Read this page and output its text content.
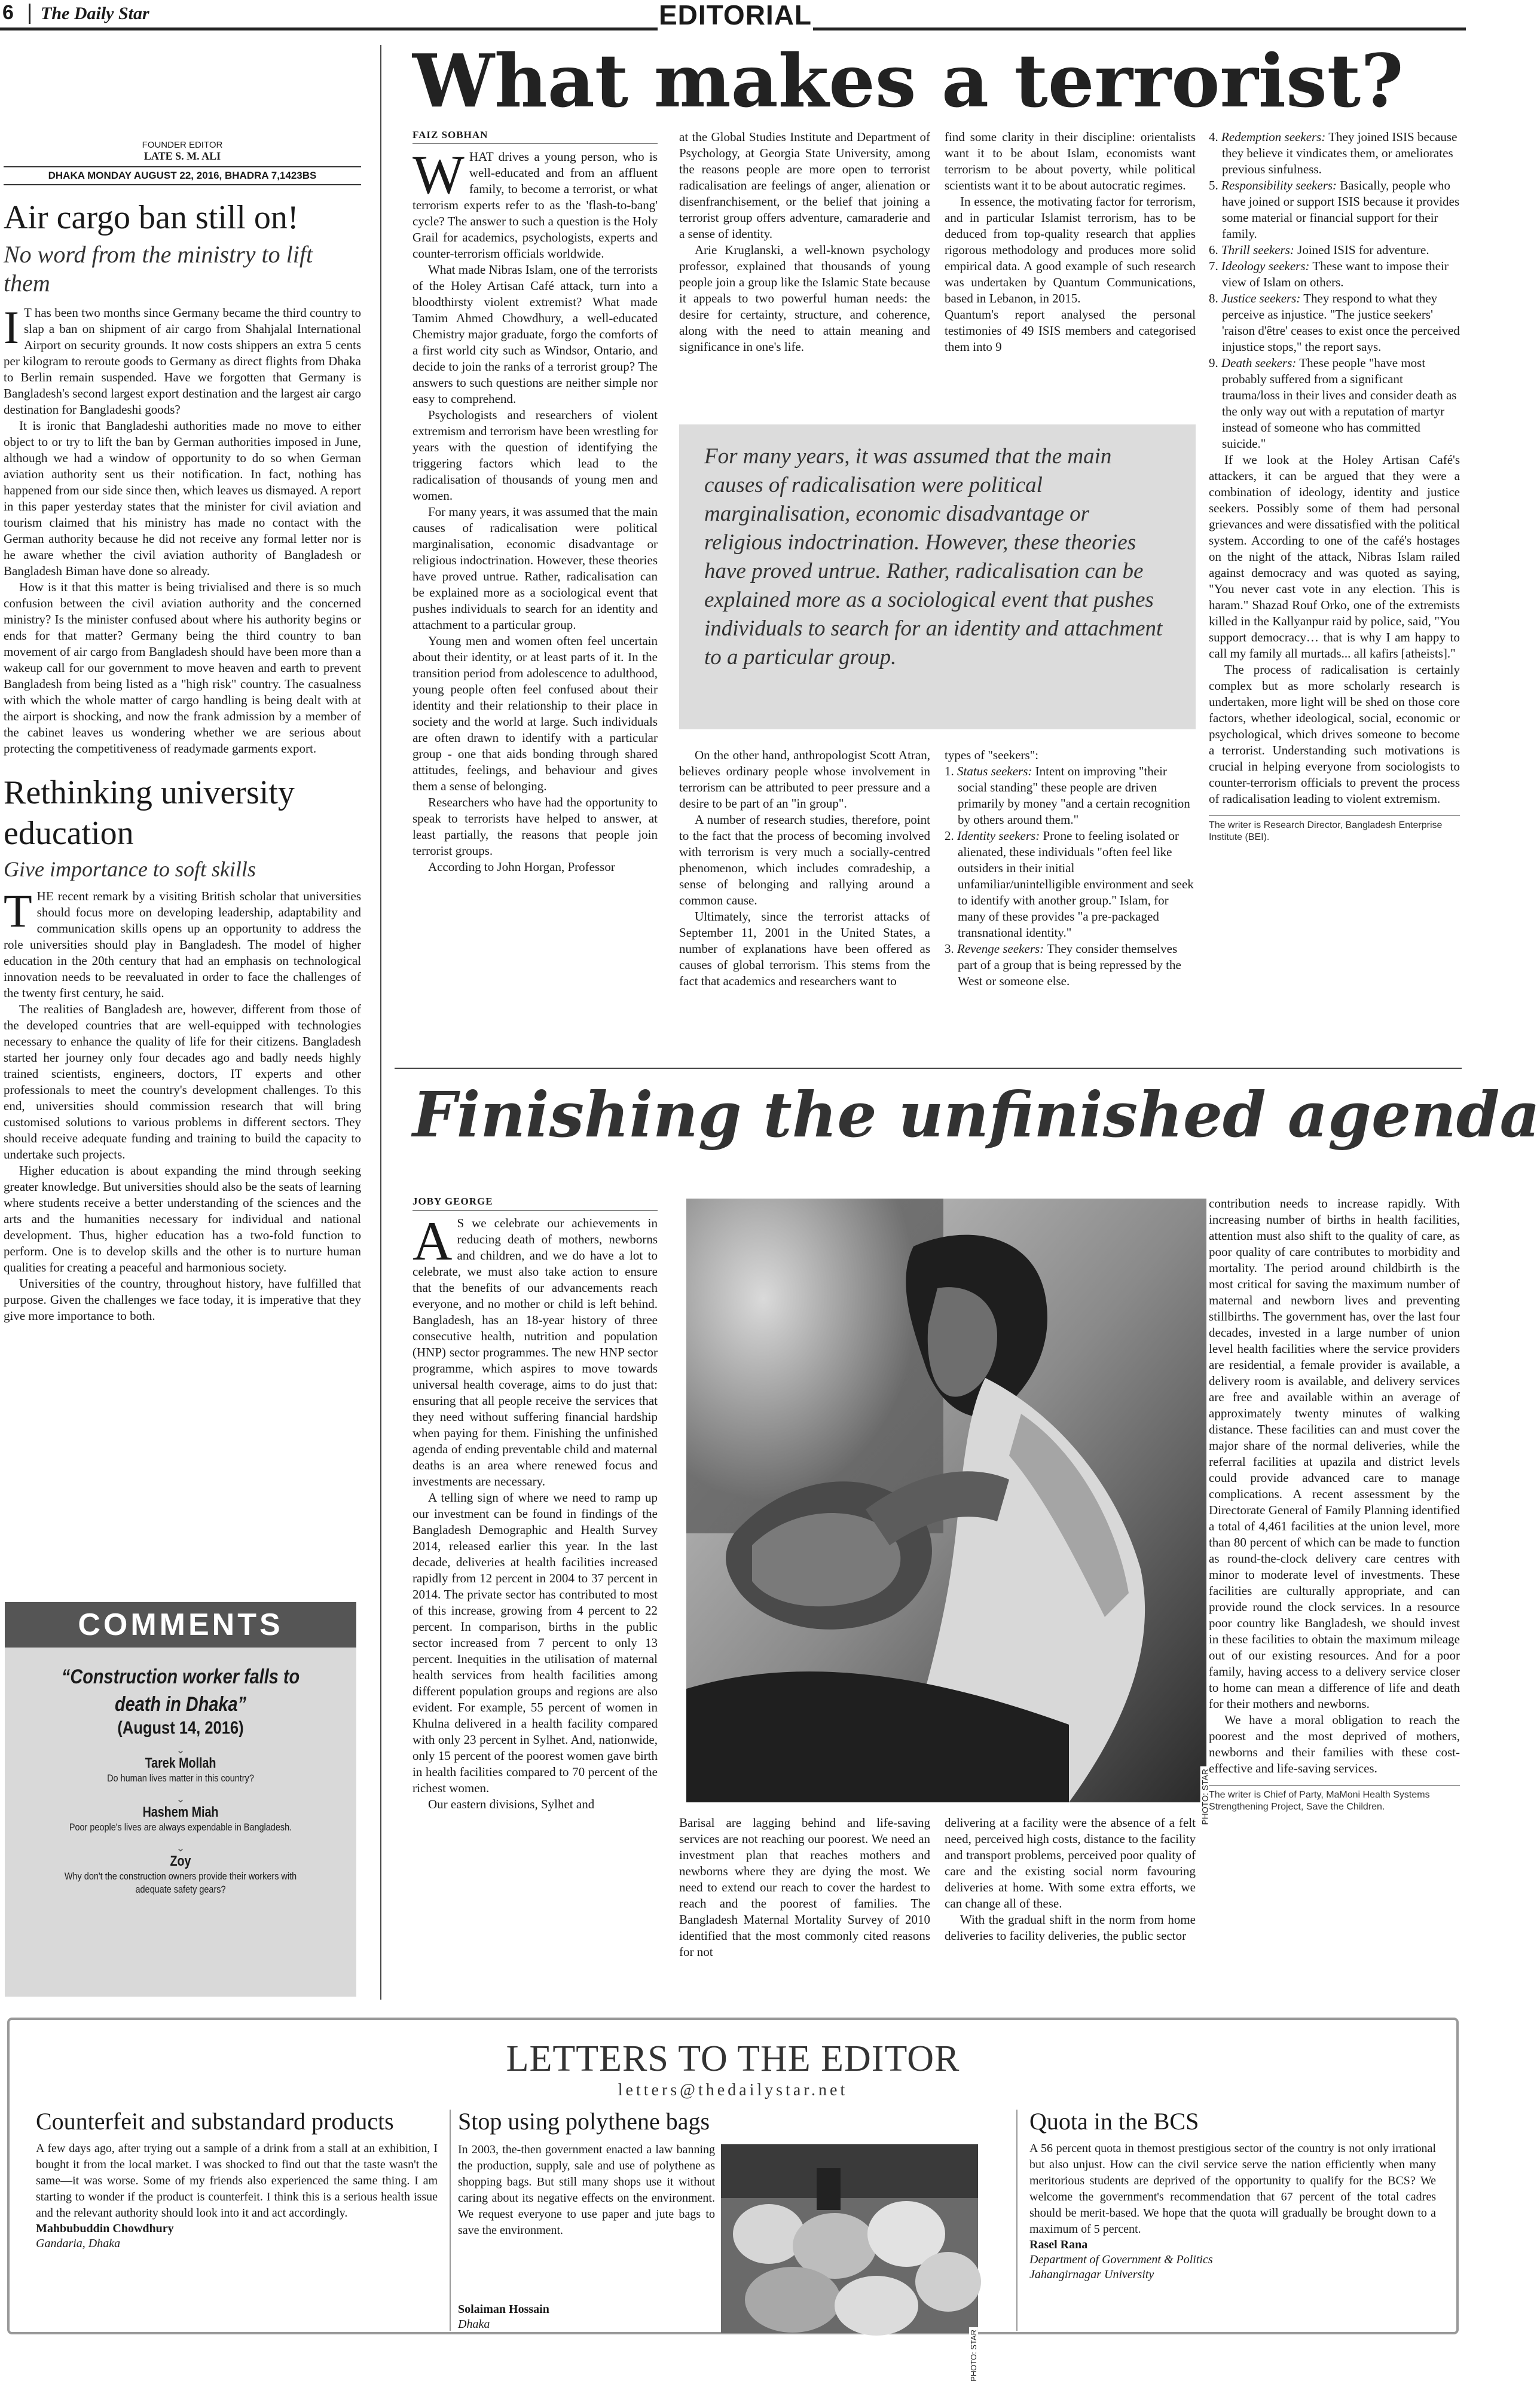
6 The Daily Star	EDITORIAL
FOUNDER EDITOR
LATE S. M. ALI
DHAKA MONDAY AUGUST 22, 2016, BHADRA 7,1423BS
Air cargo ban still on!
No word from the ministry to lift them

I T has been two months since Germany became the third country to slap a ban on shipment of air cargo from Shahjalal International Airport on security grounds. It now costs shippers an extra 5 cents per kilogram to reroute goods to Germany as direct flights from Dhaka to Berlin remain suspended. Have we forgotten that Germany is Bangladesh's second largest export destination and the largest air cargo destination for Bangladeshi goods?

It is ironic that Bangladeshi authorities made no move to either object to or try to lift the ban by German authorities imposed in June, although we had a window of opportunity to do so when German aviation authority sent us their notification. In fact, nothing has happened from our side since then, which leaves us dismayed. A report in this paper yesterday states that the minister for civil aviation and tourism claimed that his ministry has made no contact with the German authority because he did not receive any formal letter nor is he aware whether the civil aviation authority of Bangladesh or Bangladesh Biman have done so already.

How is it that this matter is being trivialised and there is so much confusion between the civil aviation authority and the concerned ministry? Is the minister confused about where his authority begins or ends for that matter? Germany being the third country to ban movement of air cargo from Bangladesh should have been more than a wakeup call for our government to move heaven and earth to prevent Bangladesh from being listed as a "high risk" country. The casualness with which the whole matter of cargo handling is being dealt with at the airport is shocking, and now the frank admission by a member of the cabinet leaves us wondering whether we are serious about protecting the competitiveness of readymade garments export.

Rethinking university education
Give importance to soft skills

THE recent remark by a visiting British scholar that universities should focus more on developing leadership, adaptability and communication skills opens up an opportunity to address the role universities should play in Bangladesh. The model of higher education in the 20th century that had an emphasis on technological innovation needs to be reevaluated in order to face the challenges of the twenty first century, he said.

The realities of Bangladesh are, however, different from those of the developed countries that are well-equipped with technologies necessary to enhance the quality of life for their citizens. Bangladesh started her journey only four decades ago and badly needs highly trained scientists, engineers, doctors, IT experts and other professionals to meet the country's development challenges. To this end, universities should commission research that will bring customised solutions to various problems in different sectors. They should receive adequate funding and training to build the capacity to undertake such projects.

Higher education is about expanding the mind through seeking greater knowledge. But universities should also be the seats of learning where students receive a better understanding of the sciences and the arts and the humanities necessary for individual and national development. Thus, higher education has a two-fold function to perform. One is to develop skills and the other is to nurture human qualities for creating a peaceful and harmonious society.

Universities of the country, throughout history, have fulfilled that purpose. Given the challenges we face today, it is imperative that they give more importance to both.

COMMENTS
“Construction worker falls to death in Dhaka”
(August 14, 2016)
⌄
Tarek Mollah
Do human lives matter in this country?
⌄
Hashem Miah
Poor people's lives are always expendable in Bangladesh.
⌄
Zoy
Why don't the construction owners provide their workers with adequate safety gears?
What makes a terrorist?
FAIZ SOBHAN

WHAT drives a young person, who is well-educated and from an affluent family, to become a terrorist, or what terrorism experts refer to as the 'flash-to-bang' cycle? The answer to such a question is the Holy Grail for academics, psychologists, experts and counter-terrorism officials worldwide.

What made Nibras Islam, one of the terrorists of the Holey Artisan Café attack, turn into a bloodthirsty violent extremist? What made Tamim Ahmed Chowdhury, a well-educated Chemistry major graduate, forgo the comforts of a first world city such as Windsor, Ontario, and decide to join the ranks of a terrorist group? The answers to such questions are neither simple nor easy to comprehend.

Psychologists and researchers of violent extremism and terrorism have been wrestling for years with the question of identifying the triggering factors which lead to the radicalisation of thousands of young men and women.

For many years, it was assumed that the main causes of radicalisation were political marginalisation, economic disadvantage or religious indoctrination. However, these theories have proved untrue. Rather, radicalisation can be explained more as a sociological event that pushes individuals to search for an identity and attachment to a particular group.

Young men and women often feel uncertain about their identity, or at least parts of it. In the transition period from adolescence to adulthood, young people often feel confused about their identity and their relationship to their place in society and the world at large. Such individuals are often drawn to identify with a particular group - one that aids bonding through shared attitudes, feelings, and behaviour and gives them a sense of belonging.

Researchers who have had the opportunity to speak to terrorists have helped to answer, at least partially, the reasons that people join terrorist groups.

According to John Horgan, Professor

at the Global Studies Institute and Department of Psychology, at Georgia State University, among the reasons people are more open to terrorist radicalisation are feelings of anger, alienation or disenfranchisement, or the belief that joining a terrorist group offers adventure, camaraderie and a sense of identity.

Arie Kruglanski, a well-known psychology professor, explained that thousands of young people join a group like the Islamic State because it appeals to two powerful human needs: the desire for certainty, structure, and coherence, along with the need to attain meaning and significance in one's life.

find some clarity in their discipline: orientalists want it to be about Islam, economists want terrorism to be about poverty, while political scientists want it to be about autocratic regimes.

In essence, the motivating factor for terrorism, and in particular Islamist terrorism, has to be deduced from top-quality research that applies rigorous methodology and produces more solid empirical data. A good example of such research was undertaken by Quantum Communications, based in Lebanon, in 2015.

Quantum's report analysed the personal testimonies of 49 ISIS members and categorised them into 9

For many years, it was assumed that the main causes of radicalisation were political marginalisation, economic disadvantage or religious indoctrination. However, these theories have proved untrue. Rather, radicalisation can be explained more as a sociological event that pushes individuals to search for an identity and attachment to a particular group.

On the other hand, anthropologist Scott Atran, believes ordinary people whose involvement in terrorism can be attributed to peer pressure and a desire to be part of an "in group".

A number of research studies, therefore, point to the fact that the process of becoming involved with terrorism is very much a socially-centred phenomenon, which includes comradeship, a sense of belonging and rallying around a common cause.

Ultimately, since the terrorist attacks of September 11, 2001 in the United States, a number of explanations have been offered as causes of global terrorism. This stems from the fact that academics and researchers want to

types of "seekers":

1. Status seekers: Intent on improving "their social standing" these people are driven primarily by money "and a certain recognition by others around them."
2. Identity seekers: Prone to feeling isolated or alienated, these individuals "often feel like outsiders in their initial unfamiliar/unintelligible environment and seek to identify with another group." Islam, for many of these provides "a pre-packaged transnational identity."
3. Revenge seekers: They consider themselves part of a group that is being repressed by the West or someone else.
4. Redemption seekers: They joined ISIS because they believe it vindicates them, or ameliorates previous sinfulness.
5. Responsibility seekers: Basically, people who have joined or support ISIS because it provides some material or financial support for their family.
6. Thrill seekers: Joined ISIS for adventure.
7. Ideology seekers: These want to impose their view of Islam on others.
8. Justice seekers: They respond to what they perceive as injustice. "The justice seekers' 'raison d'être' ceases to exist once the perceived injustice stops," the report says.
9. Death seekers: These people "have most probably suffered from a significant trauma/loss in their lives and consider death as the only way out with a reputation of martyr instead of someone who has committed suicide."

If we look at the Holey Artisan Café's attackers, it can be argued that they were a combination of ideology, identity and justice seekers. Possibly some of them had personal grievances and were dissatisfied with the political system. According to one of the café's hostages on the night of the attack, Nibras Islam railed against democracy and was quoted as saying, "You never cast vote in any election. This is haram." Shazad Rouf Orko, one of the extremists killed in the Kallyanpur raid by police, said, "You support democracy… that is why I am happy to call my family all murtads... all kafirs [atheists]."

The process of radicalisation is certainly complex but as more scholarly research is undertaken, more light will be shed on those core factors, whether ideological, social, economic or psychological, which drives someone to become a terrorist. Understanding such motivations is crucial in helping everyone from sociologists to counter-terrorism officials to prevent the process of radicalisation leading to violent extremism.

The writer is Research Director, Bangladesh Enterprise Institute (BEI).
Finishing the unfinished agenda
JOBY GEORGE

A S we celebrate our achievements in reducing death of mothers, newborns and children, and we do have a lot to celebrate, we must also take action to ensure that the benefits of our advancements reach everyone, and no mother or child is left behind. Bangladesh, has an 18-year history of three consecutive health, nutrition and population (HNP) sector programmes. The new HNP sector programme, which aspires to move towards universal health coverage, aims to do just that: ensuring that all people receive the services that they need without suffering financial hardship when paying for them. Finishing the unfinished agenda of ending preventable child and maternal deaths is an area where renewed focus and investments are necessary.

A telling sign of where we need to ramp up our investment can be found in findings of the Bangladesh Demographic and Health Survey 2014, released earlier this year. In the last decade, deliveries at health facilities increased rapidly from 12 percent in 2004 to 37 percent in 2014. The private sector has contributed to most of this increase, growing from 4 percent to 22 percent. In comparison, births in the public sector increased from 7 percent to only 13 percent. Inequities in the utilisation of maternal health services from health facilities among different population groups and regions are also evident. For example, 55 percent of women in Khulna delivered in a health facility compared with only 23 percent in Sylhet. And, nationwide, only 15 percent of the poorest women gave birth in health facilities compared to 70 percent of the richest women.

Our eastern divisions, Sylhet and	PHOTO: STAR

Barisal are lagging behind and life-saving services are not reaching our poorest. We need an investment plan that reaches mothers and newborns where they are dying the most. We need to extend our reach to cover the hardest to reach and the poorest of families. The Bangladesh Maternal Mortality Survey of 2010 identified that the most commonly cited reasons for not

delivering at a facility were the absence of a felt need, perceived high costs, distance to the facility and transport problems, perceived poor quality of care and the existing social norm favouring deliveries at home. With some extra efforts, we can change all of these.

With the gradual shift in the norm from home deliveries to facility deliveries, the public sector

contribution needs to increase rapidly. With increasing number of births in health facilities, attention must also shift to the quality of care, as poor quality of care contributes to morbidity and mortality. The period around childbirth is the most critical for saving the maximum number of maternal and newborn lives and preventing stillbirths. The government has, over the last four decades, invested in a large number of union level health facilities where the service providers are residential, a female provider is available, a delivery room is available, and delivery services are free and available within an average of approximately twenty minutes of walking distance. These facilities can and must cover the major share of the normal deliveries, while the referral facilities at upazila and district levels could provide advanced care to manage complications. A recent assessment by the Directorate General of Family Planning identified a total of 4,461 facilities at the union level, more than 80 percent of which can be made to function as round-the-clock delivery care centres with minor to moderate level of investments. These facilities are culturally appropriate, and can provide round the clock services. In a resource poor country like Bangladesh, we should invest in these facilities to obtain the maximum mileage out of our existing resources. And for a poor family, having access to a delivery service closer to home can mean a difference of life and death for their mothers and newborns.

We have a moral obligation to reach the poorest and the most deprived of mothers, newborns and their families with these cost-effective and life-saving services.

The writer is Chief of Party, MaMoni Health Systems Strengthening Project, Save the Children.
LETTERS TO THE EDITOR
letters@thedailystar.net
Counterfeit and substandard products
A few days ago, after trying out a sample of a drink from a stall at an exhibition, I bought it from the local market. I was shocked to find out that the taste wasn't the same—it was worse. Some of my friends also experienced the same thing. I am starting to wonder if the product is counterfeit. I think this is a serious health issue and the relevant authority should look into it and act accordingly.
Mahbubuddin Chowdhury
Gandaria, Dhaka
Stop using polythene bags
In 2003, the-then government enacted a law banning the production, supply, sale and use of polythene as shopping bags. But still many shops use it without caring about its negative effects on the environment. We request everyone to use paper and jute bags to save the environment.
Solaiman Hossain
Dhaka
PHOTO: STAR
Quota in the BCS
A 56 percent quota in themost prestigious sector of the country is not only irrational but also unjust. How can the civil service serve the nation efficiently when many meritorious students are deprived of the opportunity to qualify for the BCS? We welcome the government's recommendation that 67 percent of the total cadres should be merit-based. We hope that the quota will gradually be brought down to a maximum of 5 percent.
Rasel Rana
Department of Government & Politics
Jahangirnagar University
